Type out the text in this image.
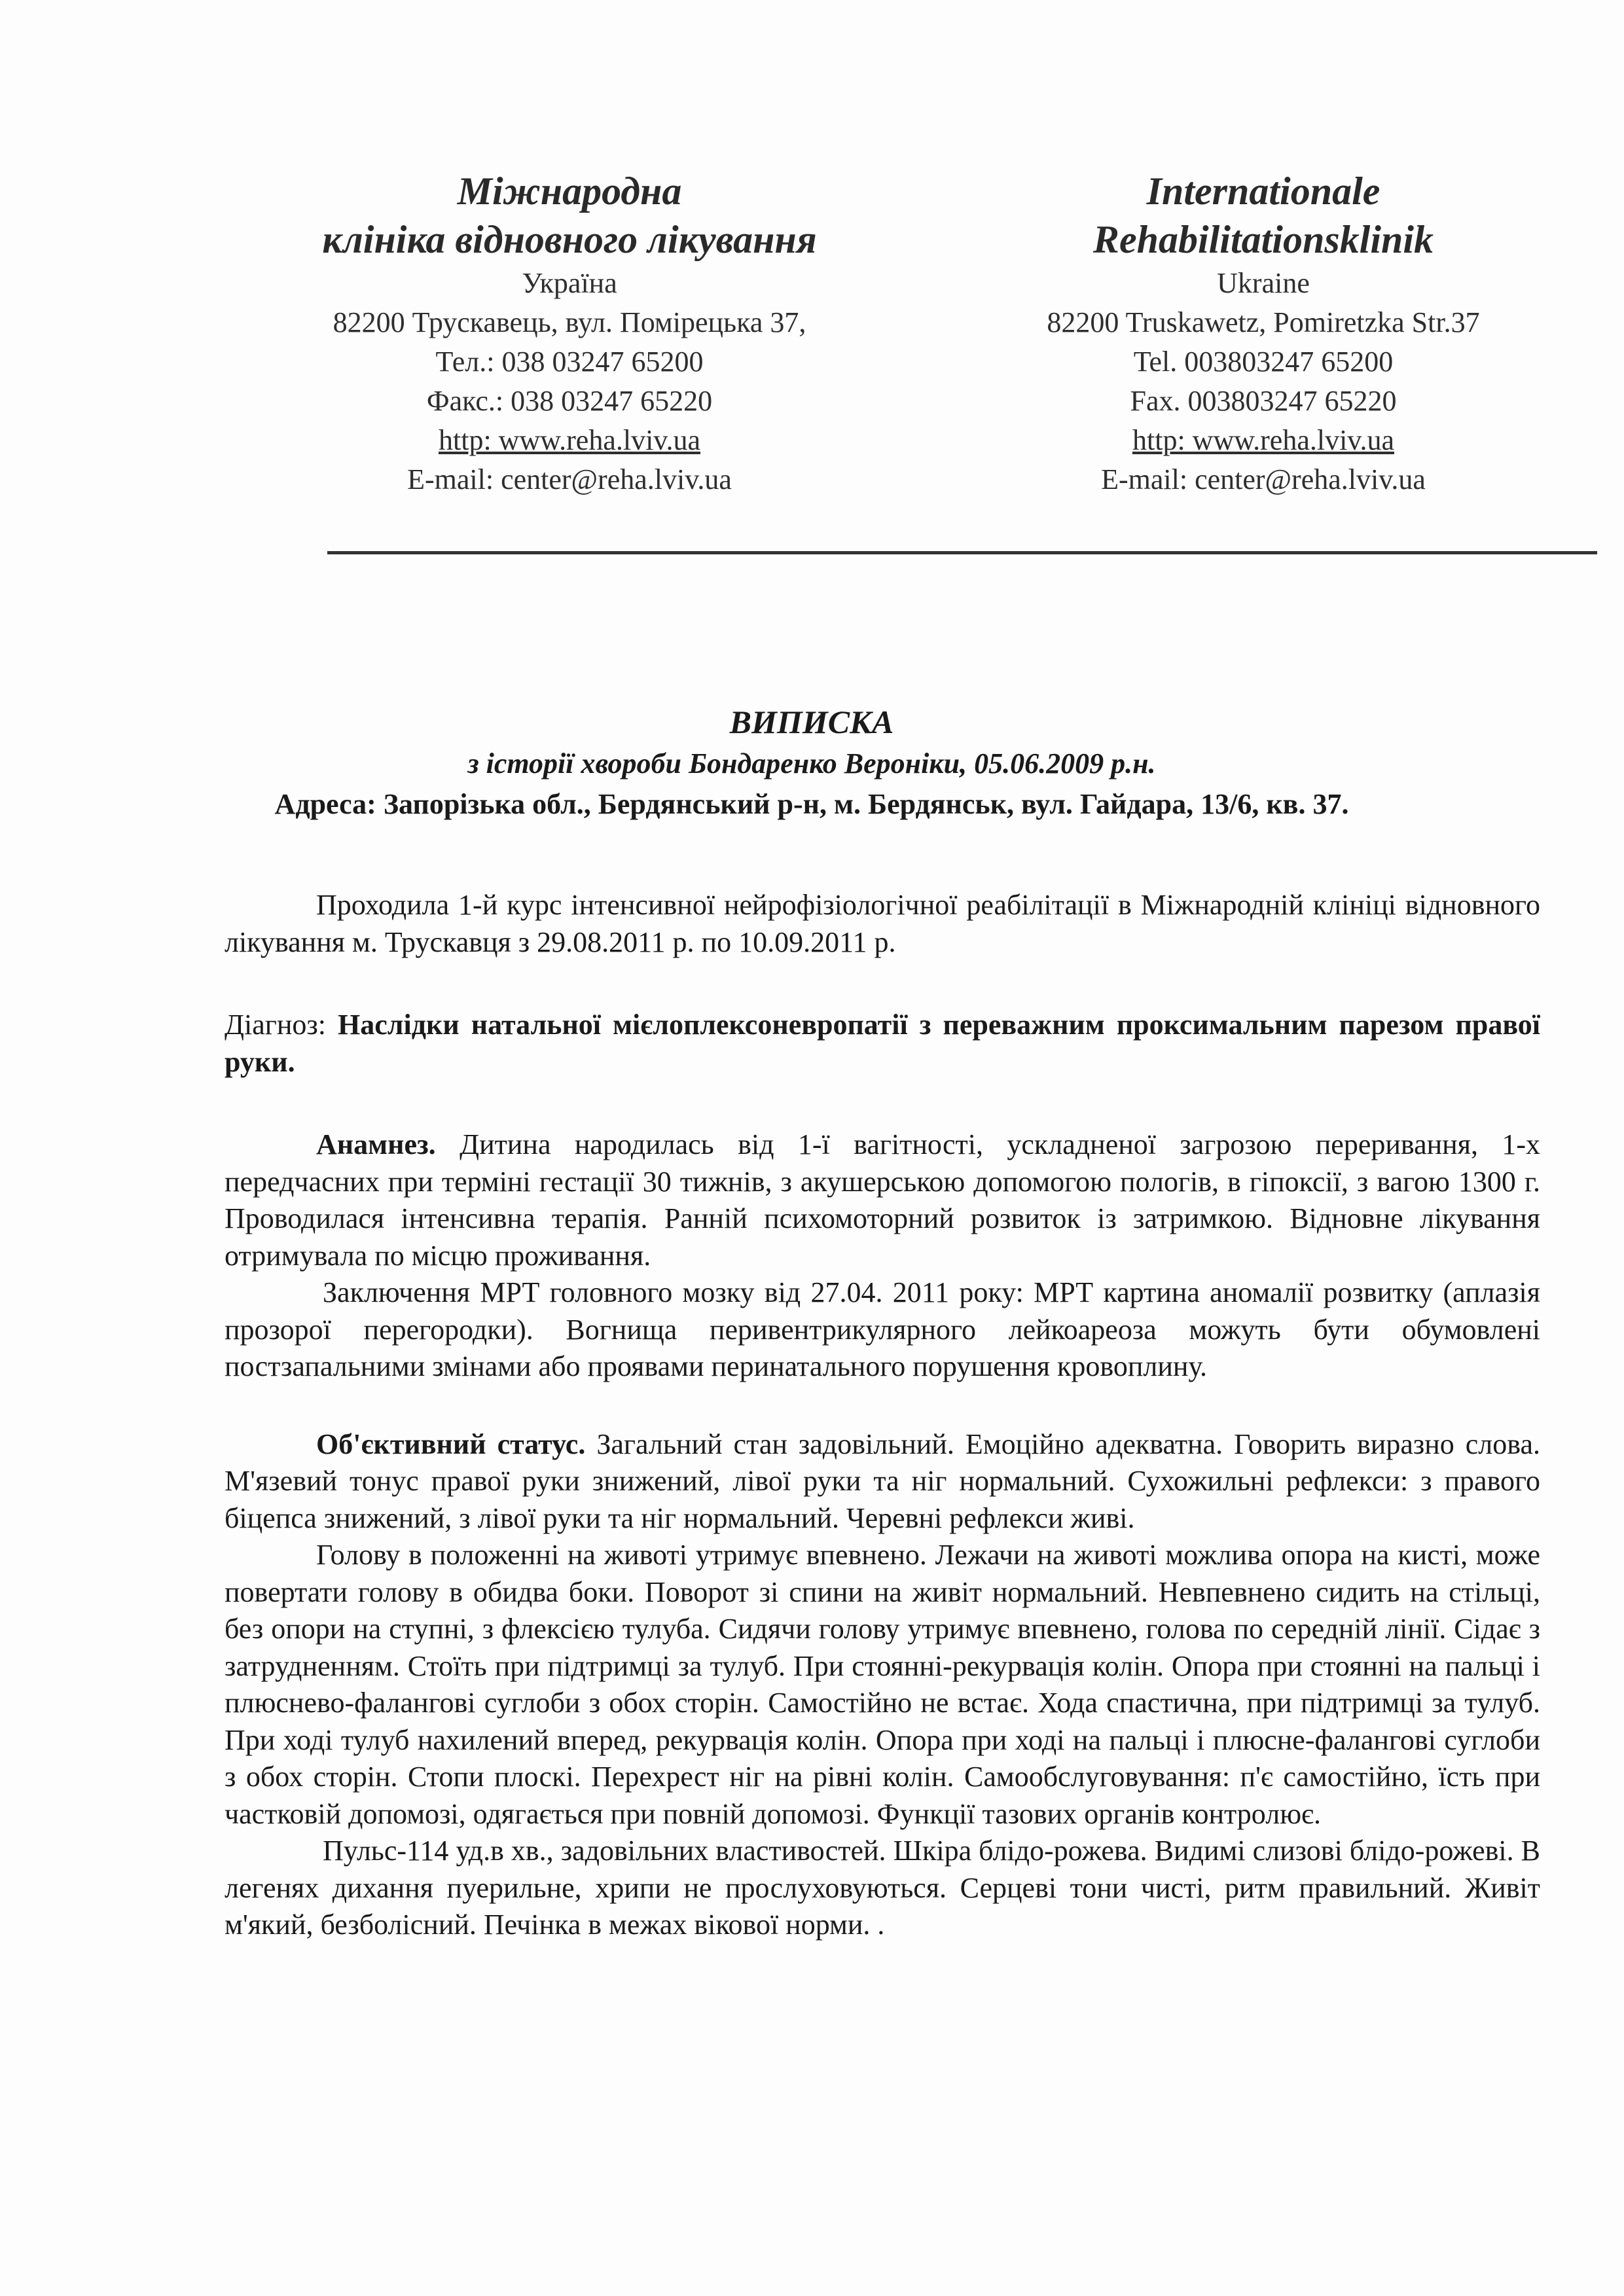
Міжнародна
клініка відновного лікування
Україна
82200 Трускавець, вул. Помірецька 37,
Тел.: 038 03247 65200
Факс.: 038 03247 65220
http: www.reha.lviv.ua
E-mail: center@reha.lviv.ua
Internationale
Rehabilitationsklinik
Ukraine
82200 Truskawetz, Pomiretzka Str.37
Tel. 003803247 65200
Fax. 003803247 65220
http: www.reha.lviv.ua
E-mail: center@reha.lviv.ua
ВИПИСКА
з історії хвороби Бондаренко Вероніки, 05.06.2009 р.н.
Адреса: Запорізька обл., Бердянський р-н, м. Бердянськ, вул. Гайдара, 13/6, кв. 37.

Проходила 1-й курс інтенсивної нейрофізіологічної реабілітації в Міжнародній клініці відновного лікування м. Трускавця з 29.08.2011 р. по 10.09.2011 р.

Діагноз: Наслідки натальної мієлоплексоневропатії з переважним проксимальним парезом правої руки.

Анамнез. Дитина народилась від 1-ї вагітності, ускладненої загрозою переривання, 1-х передчасних при терміні гестації 30 тижнів, з акушерською допомогою пологів, в гіпоксії, з вагою 1300 г. Проводилася інтенсивна терапія. Ранній психомоторний розвиток із затримкою. Відновне лікування отримувала по місцю проживання.

Заключення МРТ головного мозку від 27.04. 2011 року: МРТ картина аномалії розвитку (аплазія прозорої перегородки). Вогнища перивентрикулярного лейкоареоза можуть бути обумовлені постзапальними змінами або проявами перинатального порушення кровоплину.

Об'єктивний статус. Загальний стан задовільний. Емоційно адекватна. Говорить виразно слова. М'язевий тонус правої руки знижений, лівої руки та ніг нормальний. Сухожильні рефлекси: з правого біцепса знижений, з лівої руки та ніг нормальний. Черевні рефлекси живі.

Голову в положенні на животі утримує впевнено. Лежачи на животі можлива опора на кисті, може повертати голову в обидва боки. Поворот зі спини на живіт нормальний. Невпевнено сидить на стільці, без опори на ступні, з флексією тулуба. Сидячи голову утримує впевнено, голова по середній лінії. Сідає з затрудненням. Стоїть при підтримці за тулуб. При стоянні-рекурвація колін. Опора при стоянні на пальці і плюснево-фалангові суглоби з обох сторін. Самостійно не встає. Хода спастична, при підтримці за тулуб. При ході тулуб нахилений вперед, рекурвація колін. Опора при ході на пальці і плюсне-фалангові суглоби з обох сторін. Стопи плоскі. Перехрест ніг на рівні колін. Самообслуговування: п'є самостійно, їсть при частковій допомозі, одягається при повній допомозі. Функції тазових органів контролює.

Пульс-114 уд.в хв., задовільних властивостей. Шкіра блідо-рожева. Видимі слизові блідо-рожеві. В легенях дихання пуерильне, хрипи не прослуховуються. Серцеві тони чисті, ритм правильний. Живіт м'який, безболісний. Печінка в межах вікової норми. .
